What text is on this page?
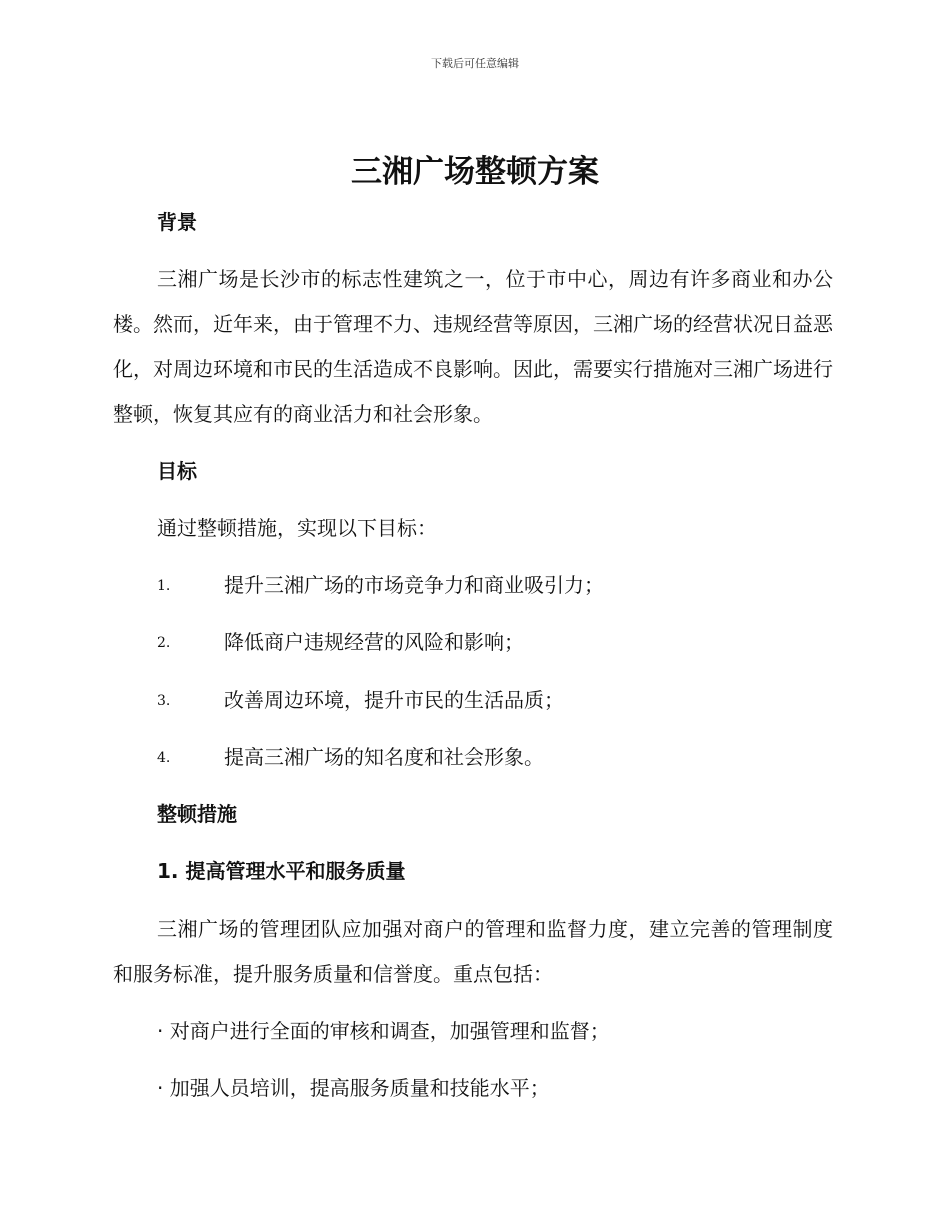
下载后可任意编辑
三湘广场整顿方案
背景

三湘广场是长沙市的标志性建筑之一，位于市中心，周边有许多商业和办公楼。然而，近年来，由于管理不力、违规经营等原因，三湘广场的经营状况日益恶化，对周边环境和市民的生活造成不良影响。因此，需要实行措施对三湘广场进行整顿，恢复其应有的商业活力和社会形象。

目标
通过整顿措施，实现以下目标：
1.	提升三湘广场的市场竞争力和商业吸引力；
2.	降低商户违规经营的风险和影响；
3.	改善周边环境，提升市民的生活品质；
4.	提高三湘广场的知名度和社会形象。
整顿措施
1. 提高管理水平和服务质量

三湘广场的管理团队应加强对商户的管理和监督力度，建立完善的管理制度和服务标准，提升服务质量和信誉度。重点包括：

· 对商户进行全面的审核和调查，加强管理和监督；
· 加强人员培训，提高服务质量和技能水平；
